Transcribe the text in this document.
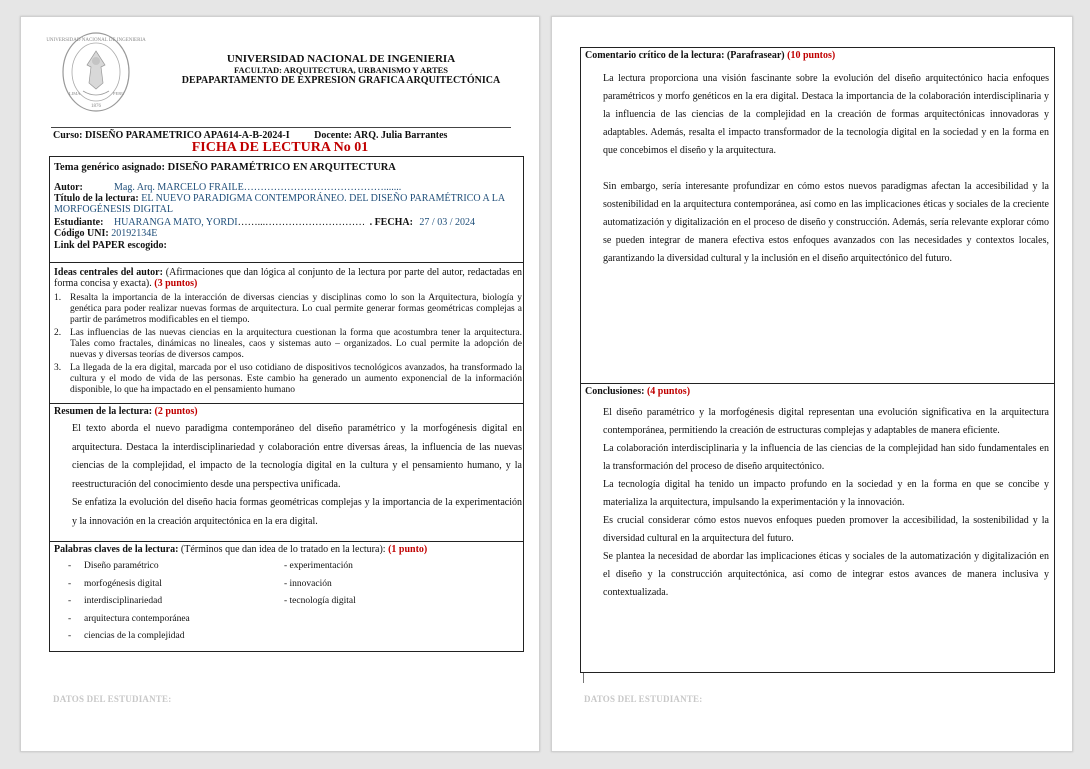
UNIVERSIDAD NACIONAL DE INGENIERIA
LIMA	PERU
1876
UNIVERSIDAD NACIONAL DE INGENIERIA
FACULTAD: ARQUITECTURA, URBANISMO Y ARTES
DEPAPARTAMENTO DE EXPRESION GRAFICA ARQUITECTÓNICA
Curso: DISEÑO PARAMETRICO APA614-A-B-2024-I Docente: ARQ. Julia Barrantes
FICHA DE LECTURA No 01
Tema genérico asignado: DISEÑO PARAMÉTRICO EN ARQUITECTURA
Autor:	Mag. Arq. MARCELO FRAILE…………………………………….......
Título de la lectura: EL NUEVO PARADIGMA CONTEMPORÁNEO. DEL DISEÑO PARAMÉTRICO A LA MORFOGÉNESIS DIGITAL
Estudiante: HUARANGA MATO, YORDI……...………………………… . FECHA: 27 / 03 / 2024
Código UNI: 20192134E
Link del PAPER escogido:
Ideas centrales del autor: (Afirmaciones que dan lógica al conjunto de la lectura por parte del autor, redactadas en forma concisa y exacta). (3 puntos)
1. Resalta la importancia de la interacción de diversas ciencias y disciplinas como lo son la Arquitectura, biología y genética para poder realizar nuevas formas de arquitectura. Lo cual permite generar formas geométricas complejas a partir de parámetros modificables en el tiempo.
2. Las influencias de las nuevas ciencias en la arquitectura cuestionan la forma que acostumbra tener la arquitectura. Tales como fractales, dinámicas no lineales, caos y sistemas auto – organizados. Lo cual permite la adopción de nuevas y diversas teorías de diversos campos.
3. La llegada de la era digital, marcada por el uso cotidiano de dispositivos tecnológicos avanzados, ha transformado la cultura y el modo de vida de las personas. Este cambio ha generado un aumento exponencial de la información disponible, lo que ha impactado en el pensamiento humano
Resumen de la lectura: (2 puntos)

El texto aborda el nuevo paradigma contemporáneo del diseño paramétrico y la morfogénesis digital en arquitectura. Destaca la interdisciplinariedad y colaboración entre diversas áreas, la influencia de las nuevas ciencias de la complejidad, el impacto de la tecnología digital en la cultura y el pensamiento humano, y la reestructuración del conocimiento desde una perspectiva unificada.

Se enfatiza la evolución del diseño hacia formas geométricas complejas y la importancia de la experimentación y la innovación en la creación arquitectónica en la era digital.

Palabras claves de la lectura: (Términos que dan idea de lo tratado en la lectura): (1 punto)
- Diseño paramétrico
- morfogénesis digital
- interdisciplinariedad
- arquitectura contemporánea
- ciencias de la complejidad
- experimentación
- innovación
- tecnología digital
DATOS DEL ESTUDIANTE:
Comentario crítico de la lectura: (Parafrasear) (10 puntos)

La lectura proporciona una visión fascinante sobre la evolución del diseño arquitectónico hacia enfoques paramétricos y morfo genéticos en la era digital. Destaca la importancia de la colaboración interdisciplinaria y la influencia de las ciencias de la complejidad en la creación de formas arquitectónicas innovadoras y adaptables. Además, resalta el impacto transformador de la tecnología digital en la sociedad y en la forma en que concebimos el diseño y la arquitectura.

Sin embargo, sería interesante profundizar en cómo estos nuevos paradigmas afectan la accesibilidad y la sostenibilidad en la arquitectura contemporánea, así como en las implicaciones éticas y sociales de la creciente automatización y digitalización en el proceso de diseño y construcción. Además, sería relevante explorar cómo se pueden integrar de manera efectiva estos enfoques avanzados con las necesidades y contextos locales, garantizando la diversidad cultural y la inclusión en el diseño arquitectónico del futuro.

Conclusiones: (4 puntos)

El diseño paramétrico y la morfogénesis digital representan una evolución significativa en la arquitectura contemporánea, permitiendo la creación de estructuras complejas y adaptables de manera eficiente.

La colaboración interdisciplinaria y la influencia de las ciencias de la complejidad han sido fundamentales en la transformación del proceso de diseño arquitectónico.

La tecnología digital ha tenido un impacto profundo en la sociedad y en la forma en que se concibe y materializa la arquitectura, impulsando la experimentación y la innovación.

Es crucial considerar cómo estos nuevos enfoques pueden promover la accesibilidad, la sostenibilidad y la diversidad cultural en la arquitectura del futuro.

Se plantea la necesidad de abordar las implicaciones éticas y sociales de la automatización y digitalización en el diseño y la construcción arquitectónica, así como de integrar estos avances de manera inclusiva y contextualizada.

DATOS DEL ESTUDIANTE:
